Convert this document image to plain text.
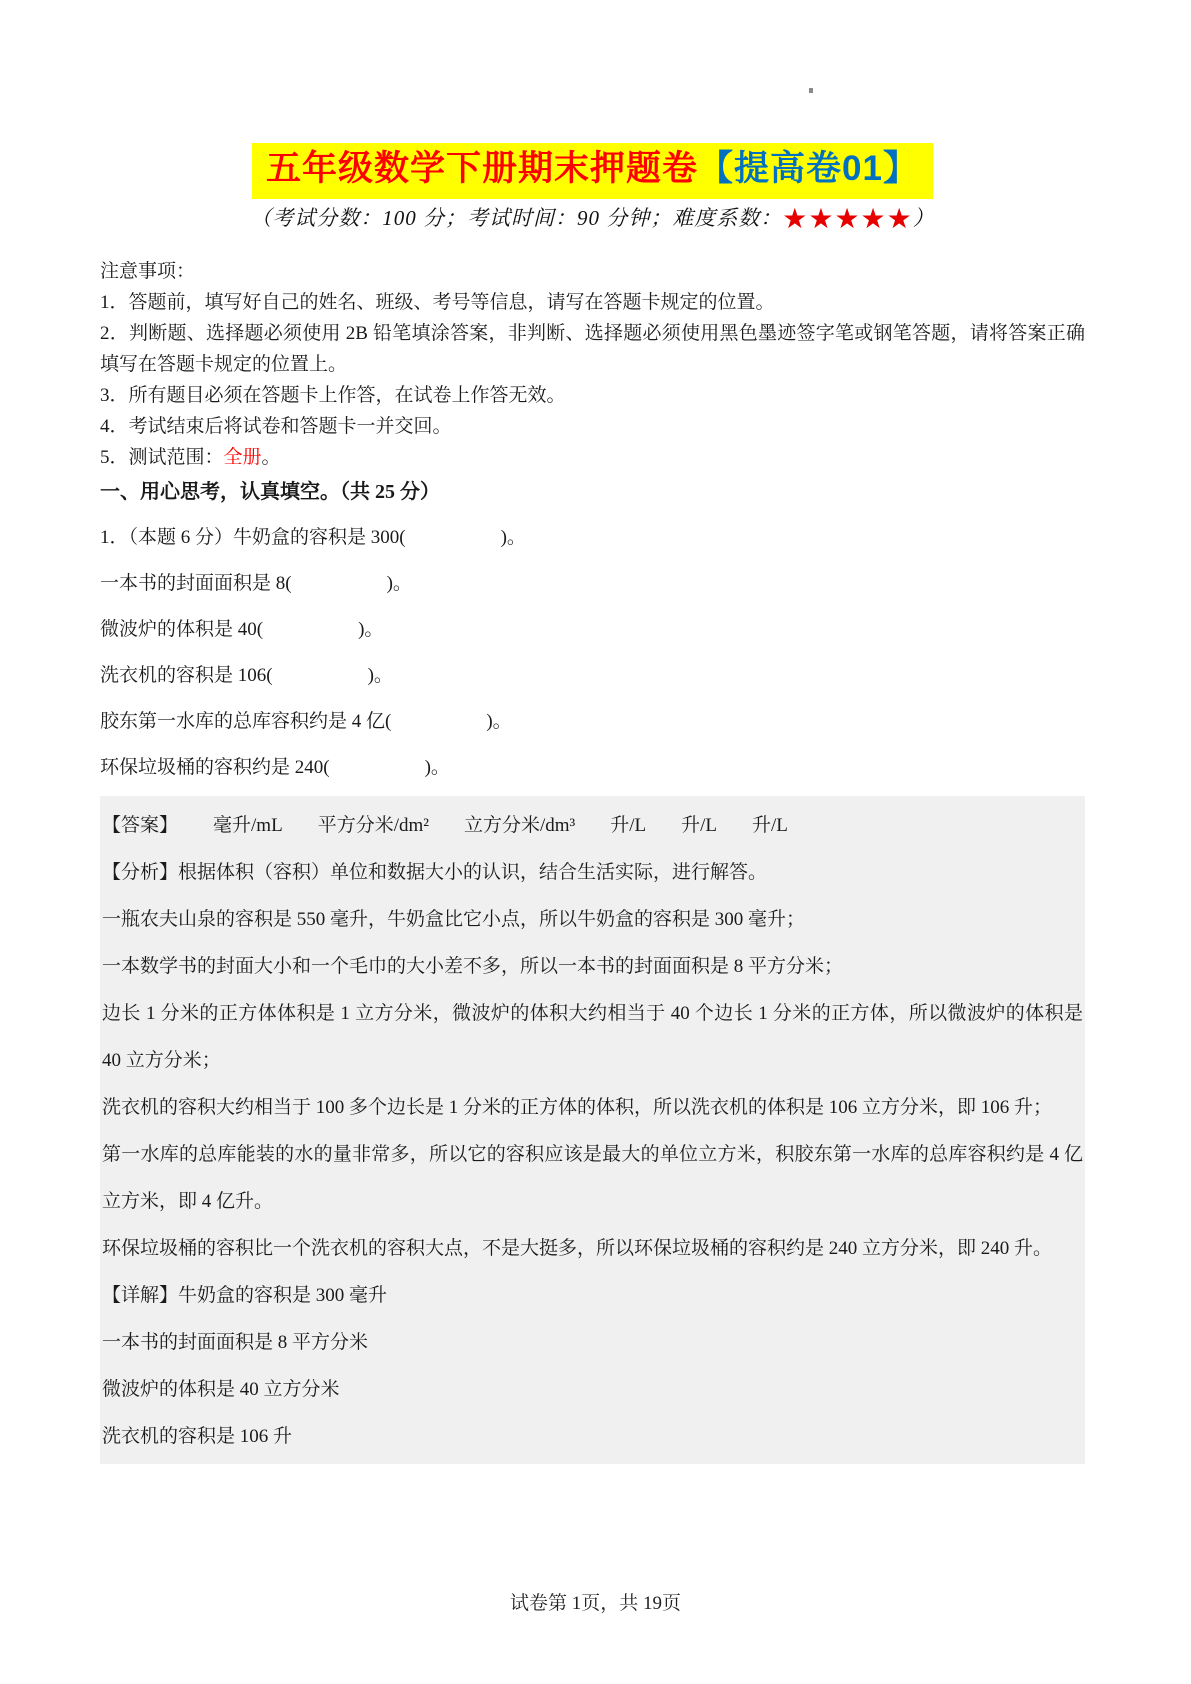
五年级数学下册期末押题卷【提高卷01】
（考试分数：100 分；考试时间：90 分钟；难度系数：★★★★★）

注意事项：

1．答题前，填写好自己的姓名、班级、考号等信息，请写在答题卡规定的位置。

2．判断题、选择题必须使用 2B 铅笔填涂答案，非判断、选择题必须使用黑色墨迹签字笔或钢笔答题，请将答案正确填写在答题卡规定的位置上。

3．所有题目必须在答题卡上作答，在试卷上作答无效。

4．考试结束后将试卷和答题卡一并交回。

5．测试范围：全册。

一、用心思考，认真填空。（共 25 分）

1．（本题 6 分）牛奶盒的容积是 300(　　　　　)。

一本书的封面面积是 8(　　　　　)。

微波炉的体积是 40(　　　　　)。

洗衣机的容积是 106(　　　　　)。

胶东第一水库的总库容积约是 4 亿(　　　　　)。

环保垃圾桶的容积约是 240(　　　　　)。

【答案】 毫升/mL 平方分米/dm² 立方分米/dm³ 升/L 升/L 升/L

【分析】根据体积（容积）单位和数据大小的认识，结合生活实际，进行解答。

一瓶农夫山泉的容积是 550 毫升，牛奶盒比它小点，所以牛奶盒的容积是 300 毫升；

一本数学书的封面大小和一个毛巾的大小差不多，所以一本书的封面面积是 8 平方分米；

边长 1 分米的正方体体积是 1 立方分米，微波炉的体积大约相当于 40 个边长 1 分米的正方体，所以微波炉的体积是 40 立方分米；

洗衣机的容积大约相当于 100 多个边长是 1 分米的正方体的体积，所以洗衣机的体积是 106 立方分米，即 106 升；

第一水库的总库能装的水的量非常多，所以它的容积应该是最大的单位立方米，积胶东第一水库的总库容积约是 4 亿立方米，即 4 亿升。

环保垃圾桶的容积比一个洗衣机的容积大点，不是大挺多，所以环保垃圾桶的容积约是 240 立方分米，即 240 升。

【详解】牛奶盒的容积是 300 毫升

一本书的封面面积是 8 平方分米

微波炉的体积是 40 立方分米

洗衣机的容积是 106 升

试卷第 1页，共 19页
